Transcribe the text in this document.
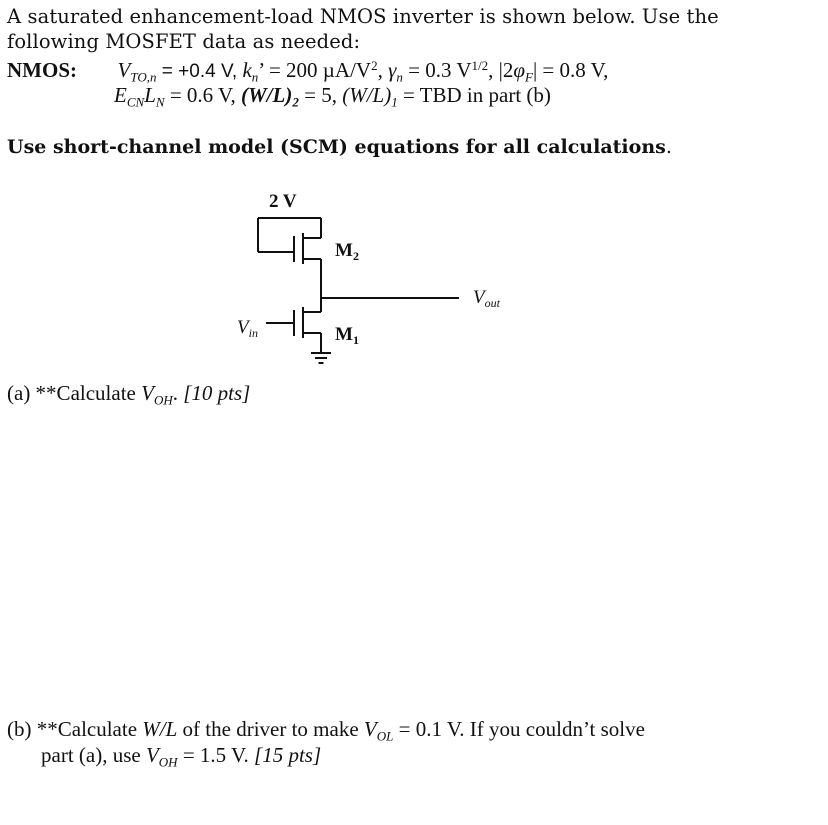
A saturated enhancement-load NMOS inverter is shown below. Use the
following MOSFET data as needed:
NMOS: $V_{TO,n} = +0.4$ V, $k_n$’ = 200 $\mu A/V^2$, $\gamma_n = 0.3$ $V^{1/2}$, $|2\varphi_F| = 0.8$ V,
$E_{CN}L_N = 0.6$ V, $(W/L)_2 = 5$, $(W/L)_1$ = TBD in part (b)
Use short-channel model (SCM) equations for all calculations.
2 V
$M_2$
$M_1$
$V_{out}$
$V_{in}$
(a) **Calculate $V_{OH}$. [10 pts]
(b) **Calculate W/L of the driver to make $V_{OL} = 0.1$ V. If you couldn’t solve
part (a), use $V_{OH} = 1.5$ V. [15 pts]
